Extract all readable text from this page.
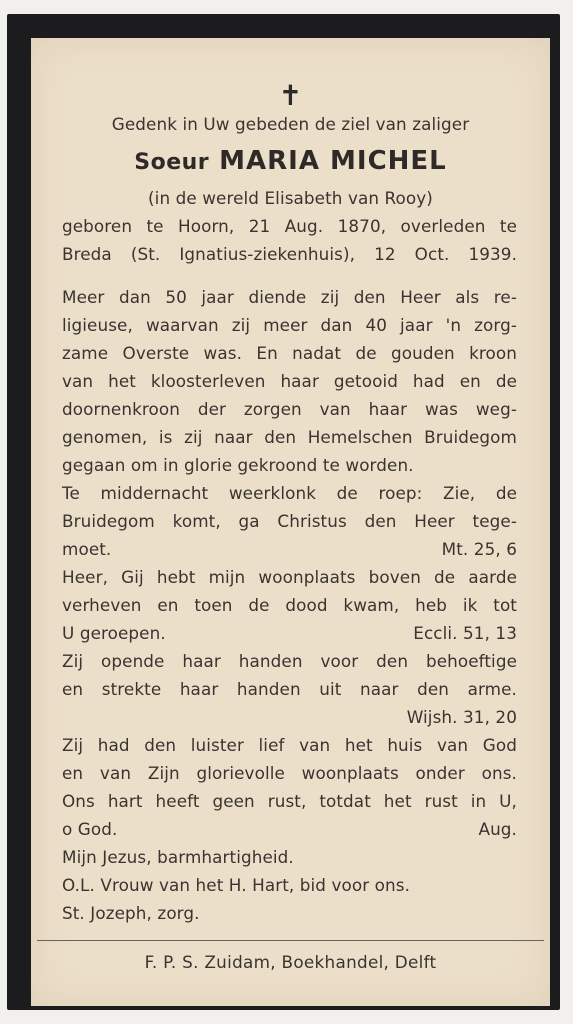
✝
Gedenk in Uw gebeden de ziel van zaliger
Soeur MARIA MICHEL
(in de wereld Elisabeth van Rooy)
geboren te Hoorn, 21 Aug. 1870, overleden te
Breda (St. Ignatius-ziekenhuis), 12 Oct. 1939.
Meer dan 50 jaar diende zij den Heer als re-
ligieuse, waarvan zij meer dan 40 jaar 'n zorg-
zame Overste was. En nadat de gouden kroon
van het kloosterleven haar getooid had en de
doornenkroon der zorgen van haar was weg-
genomen, is zij naar den Hemelschen Bruidegom
gegaan om in glorie gekroond te worden.
Te middernacht weerklonk de roep: Zie, de
Bruidegom komt, ga Christus den Heer tege-
moet.	Mt. 25, 6
Heer, Gij hebt mijn woonplaats boven de aarde
verheven en toen de dood kwam, heb ik tot
U geroepen.	Eccli. 51, 13
Zij opende haar handen voor den behoeftige
en strekte haar handen uit naar den arme.
Wijsh. 31, 20
Zij had den luister lief van het huis van God
en van Zijn glorievolle woonplaats onder ons.
Ons hart heeft geen rust, totdat het rust in U,
o God.	Aug.
Mijn Jezus, barmhartigheid.
O.L. Vrouw van het H. Hart, bid voor ons.
St. Jozeph, zorg.
F. P. S. Zuidam, Boekhandel, Delft
